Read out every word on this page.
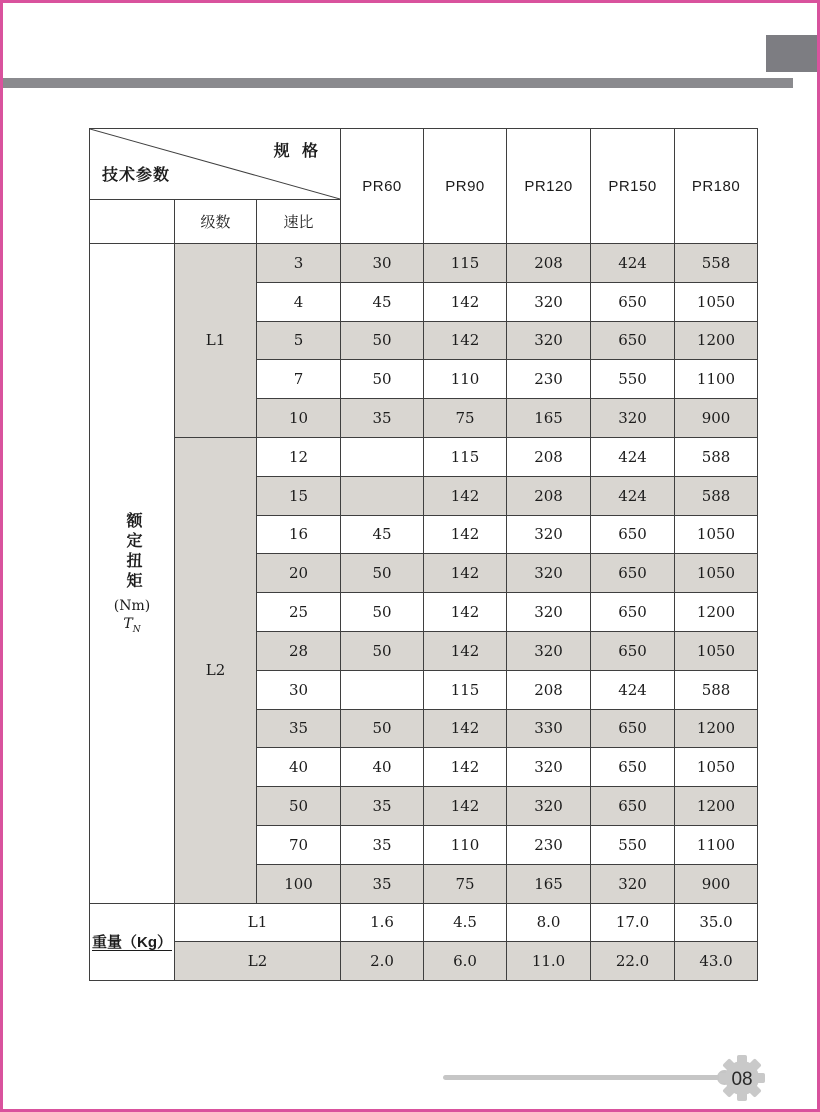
规 格
技术参数			PR60	PR90	PR120	PR150	PR180
	级数	速比					

额定扭矩
(Nm)
$T_N$	L1	3	30	115	208	424	558
		4	45	142	320	650	1050
		5	50	142	320	650	1200
		7	50	110	230	550	1100
		10	35	75	165	320	900
	L2	12		115	208	424	588
		15		142	208	424	588
		16	45	142	320	650	1050
		20	50	142	320	650	1050
		25	50	142	320	650	1200
		28	50	142	320	650	1050
		30		115	208	424	588
		35	50	142	330	650	1200
		40	40	142	320	650	1050
		50	35	142	320	650	1200
		70	35	110	230	550	1100
		100	35	75	165	320	900
重量（Kg）	L1		1.6	4.5	8.0	17.0	35.0
	L2		2.0	6.0	11.0	22.0	43.0
08
